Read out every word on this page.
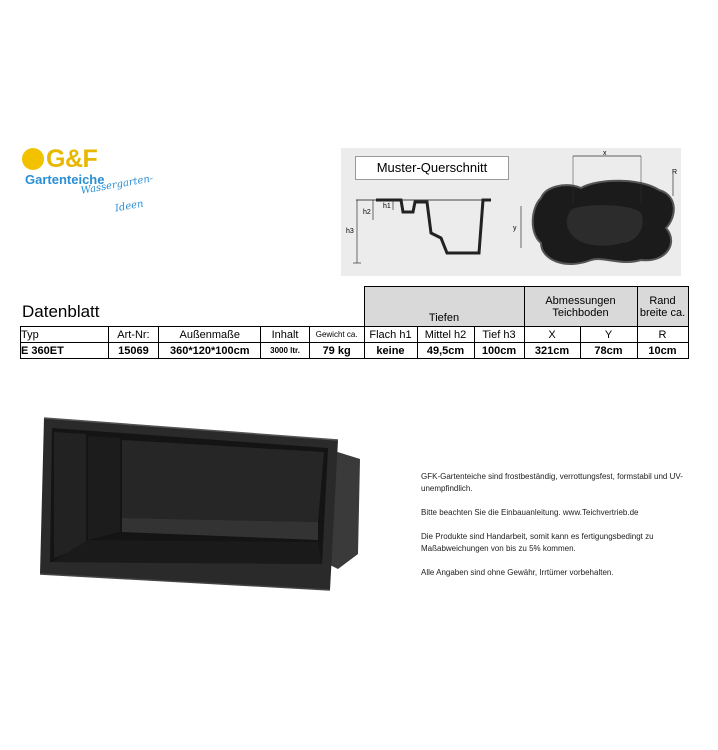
G&F
Gartenteiche
Wassergarten-
Ideen
h3
h2
h1
x
y
R
Muster-Querschnitt
Datenblatt
					Tiefen			Abmessungen Teichboden		Rand breite ca.
Typ	Art-Nr:	Außenmaße	Inhalt	Gewicht ca.	Flach h1	Mittel h2	Tief h3	X	Y	R
E 360ET	15069	360*120*100cm	3000 ltr.	79 kg	keine	49,5cm	100cm	321cm	78cm	10cm

GFK-Gartenteiche sind frostbeständig, verrottungsfest, formstabil und UV-unempfindlich.

Bitte beachten Sie die Einbauanleitung. www.Teichvertrieb.de

Die Produkte sind Handarbeit, somit kann es fertigungsbedingt zu Maßabweichungen von bis zu 5% kommen.

Alle Angaben sind ohne Gewähr, Irrtümer vorbehalten.
